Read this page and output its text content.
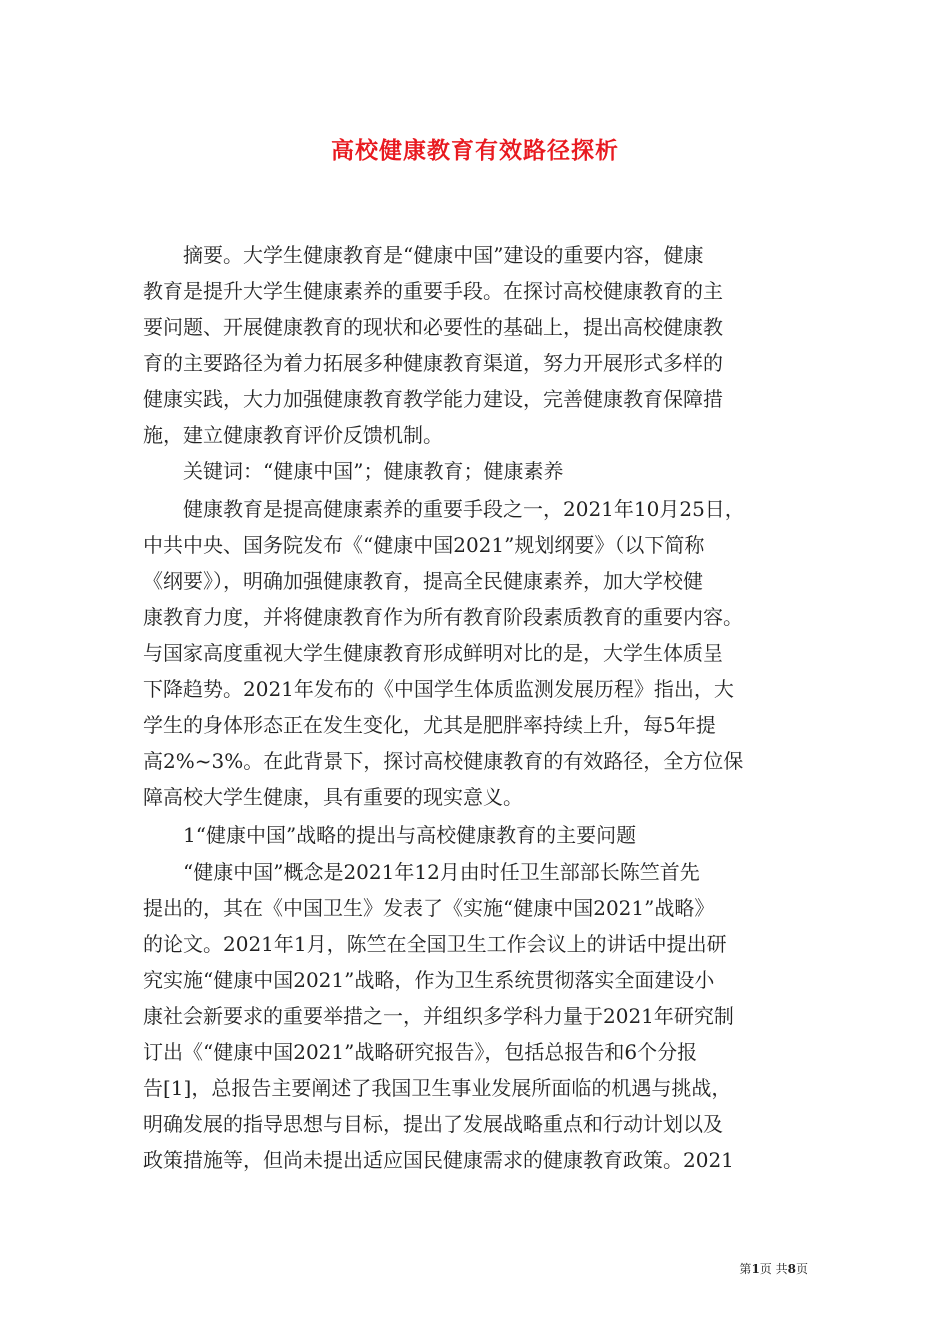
高校健康教育有效路径探析
　　摘要。大学生健康教育是“健康中国”建设的重要内容，健康
教育是提升大学生健康素养的重要手段。在探讨高校健康教育的主
要问题、开展健康教育的现状和必要性的基础上，提出高校健康教
育的主要路径为着力拓展多种健康教育渠道，努力开展形式多样的
健康实践，大力加强健康教育教学能力建设，完善健康教育保障措
施，建立健康教育评价反馈机制。
　　关键词：“健康中国”；健康教育；健康素养
　　健康教育是提高健康素养的重要手段之一，2021年10月25日，
中共中央、国务院发布《“健康中国2021”规划纲要》（以下简称
《纲要》），明确加强健康教育，提高全民健康素养，加大学校健
康教育力度，并将健康教育作为所有教育阶段素质教育的重要内容。
与国家高度重视大学生健康教育形成鲜明对比的是，大学生体质呈
下降趋势。2021年发布的《中国学生体质监测发展历程》指出，大
学生的身体形态正在发生变化，尤其是肥胖率持续上升，每5年提
高2%~3%。在此背景下，探讨高校健康教育的有效路径，全方位保
障高校大学生健康，具有重要的现实意义。
　　1“健康中国”战略的提出与高校健康教育的主要问题
　　“健康中国”概念是2021年12月由时任卫生部部长陈竺首先
提出的，其在《中国卫生》发表了《实施“健康中国2021”战略》
的论文。2021年1月，陈竺在全国卫生工作会议上的讲话中提出研
究实施“健康中国2021”战略，作为卫生系统贯彻落实全面建设小
康社会新要求的重要举措之一，并组织多学科力量于2021年研究制
订出《“健康中国2021”战略研究报告》，包括总报告和6个分报
告[1]，总报告主要阐述了我国卫生事业发展所面临的机遇与挑战，
明确发展的指导思想与目标，提出了发展战略重点和行动计划以及
政策措施等，但尚未提出适应国民健康需求的健康教育政策。2021
第1页 共8页
